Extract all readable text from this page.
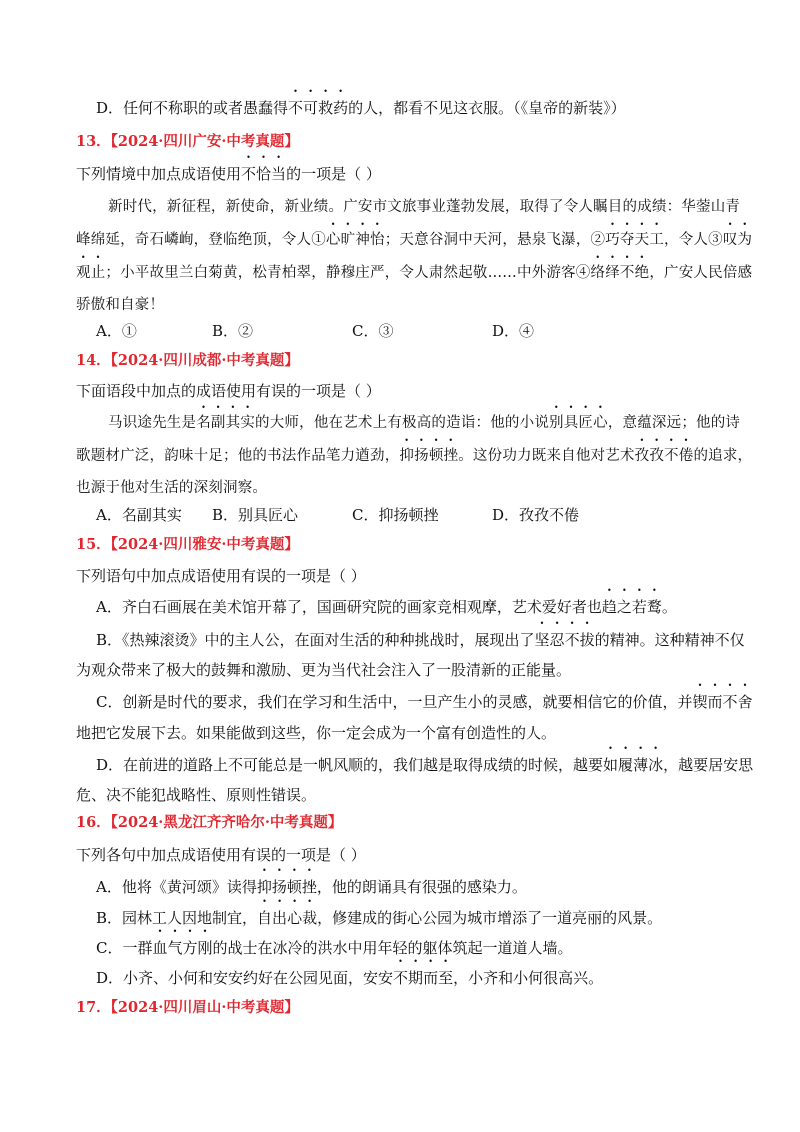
D．任何不称职的或者愚蠢得不可救药的人，都看不见这衣服。（《皇帝的新装》）
13．【2024·四川广安·中考真题】
下列情境中加点成语使用不恰当的一项是（ ）
新时代，新征程，新使命，新业绩。广安市文旅事业蓬勃发展，取得了令人瞩目的成绩：华蓥山青
峰绵延，奇石嶙峋，登临绝顶，令人①心旷神怡；天意谷洞中天河，悬泉飞瀑，②巧夺天工，令人③叹为
观止；小平故里兰白菊黄，松青柏翠，静穆庄严，令人肃然起敬……中外游客④络绎不绝，广安人民倍感
骄傲和自豪！
A．①	B．②	C．③	D．④
14．【2024·四川成都·中考真题】
下面语段中加点的成语使用有误的一项是（ ）
马识途先生是名副其实的大师，他在艺术上有极高的造诣：他的小说别具匠心，意蕴深远；他的诗
歌题材广泛，韵味十足；他的书法作品笔力遒劲，抑扬顿挫。这份功力既来自他对艺术孜孜不倦的追求，
也源于他对生活的深刻洞察。
A．名副其实 B．别具匠心	C．抑扬顿挫	D．孜孜不倦
15．【2024·四川雅安·中考真题】
下列语句中加点成语使用有误的一项是（ ）
A．齐白石画展在美术馆开幕了，国画研究院的画家竞相观摩，艺术爱好者也趋之若鹜。
B．《热辣滚烫》中的主人公，在面对生活的种种挑战时，展现出了坚忍不拔的精神。这种精神不仅
为观众带来了极大的鼓舞和激励、更为当代社会注入了一股清新的正能量。
C．创新是时代的要求，我们在学习和生活中，一旦产生小的灵感，就要相信它的价值，并锲而不舍
地把它发展下去。如果能做到这些，你一定会成为一个富有创造性的人。
D．在前进的道路上不可能总是一帆风顺的，我们越是取得成绩的时候，越要如履薄冰，越要居安思
危、决不能犯战略性、原则性错误。
16．【2024·黑龙江齐齐哈尔·中考真题】
下列各句中加点成语使用有误的一项是（ ）
A．他将《黄河颂》读得抑扬顿挫，他的朗诵具有很强的感染力。
B．园林工人因地制宜，自出心裁，修建成的街心公园为城市增添了一道亮丽的风景。
C．一群血气方刚的战士在冰冷的洪水中用年轻的躯体筑起一道道人墙。
D．小齐、小何和安安约好在公园见面，安安不期而至，小齐和小何很高兴。
17．【2024·四川眉山·中考真题】
